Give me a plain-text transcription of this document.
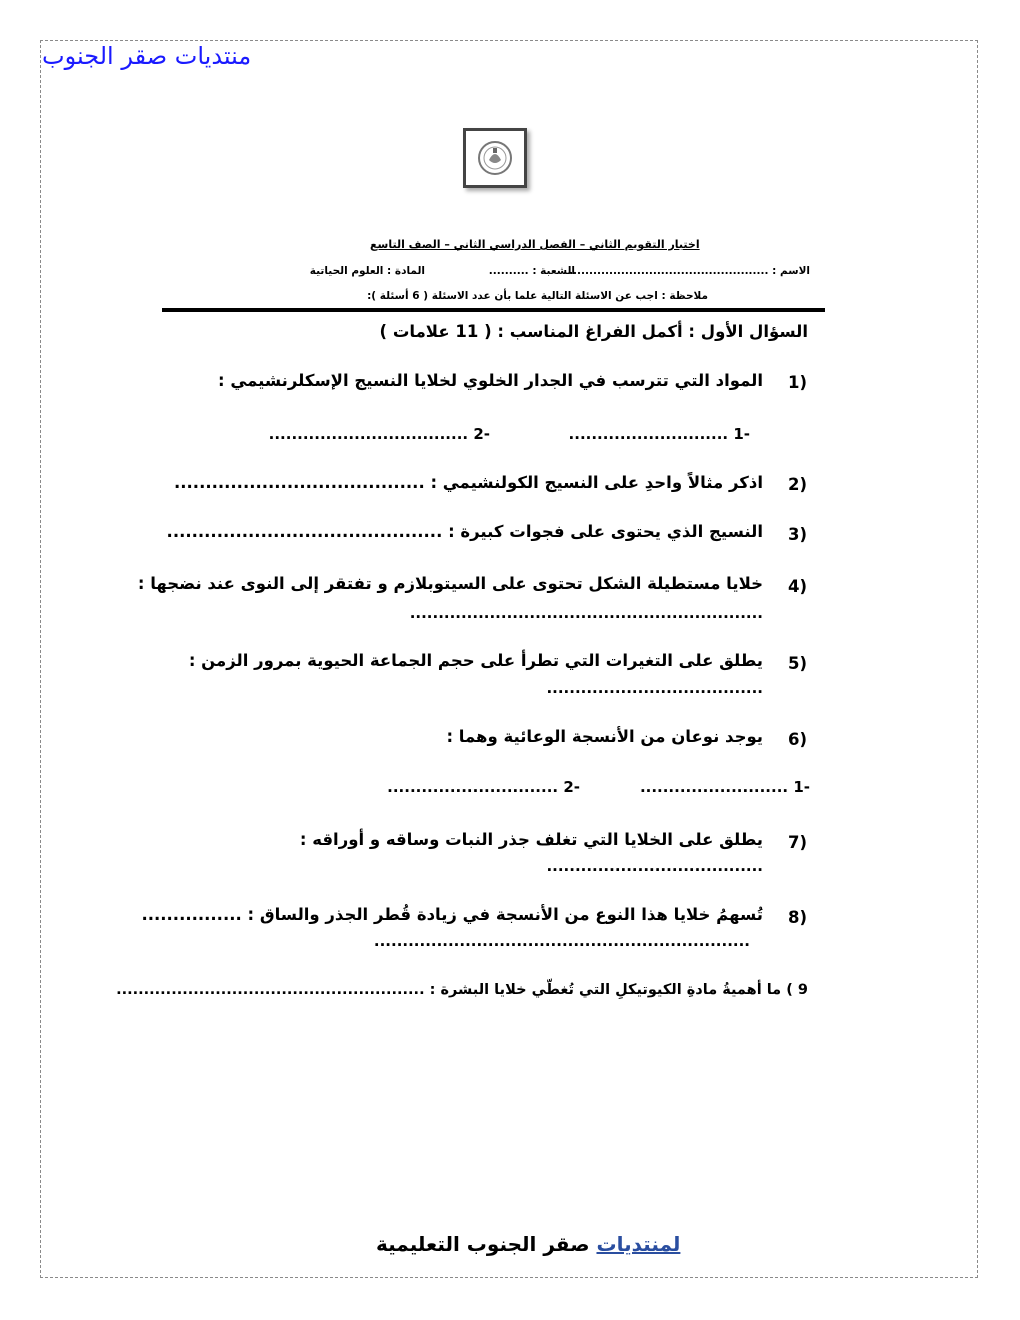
منتديات صقر الجنوب
اختبار التقويم الثاني – الفصل الدراسي الثاني – الصف التاسع
الاسم : ..................................................
الشعبة : ..........
المادة : العلوم الحياتية
ملاحظة : اجب عن الاسئلة التالية علما بأن عدد الاسئلة ( 6 أسئلة ):
السؤال الأول : أكمل الفراغ المناسب : ( 11 علامات )
1)
المواد التي تترسب في الجدار الخلوي لخلايا النسيج الإسكلرنشيمي :
-1 ............................
-2 ...................................
2)
اذكر مثالاً واحدِ على النسيج الكولنشيمي : ........................................
3)
النسيج الذي يحتوى على فجوات كبيرة : ............................................
4)
خلايا مستطيلة الشكل تحتوى على السيتوبلازم و تفتقر إلى النوى عند نضجها :
..............................................................
5)
يطلق على التغيرات التي تطرأ على حجم الجماعة الحيوية بمرور الزمن :
......................................
6)
يوجد نوعان من الأنسجة الوعائية وهما :
-1 ..........................
-2 ..............................
7)
يطلق على الخلايا التي تغلف جذر النبات وساقه و أوراقه :
......................................
8)
تُسهمُ خلايا هذا النوع من الأنسجة في زيادة قُطر الجذر والساق : ................
..................................................................
9 ) ما أهميةُ مادةِ الكيوتيكلِ التي تُغطّي خلايا البشرة : ........................................................
لمنتديات صقر الجنوب التعليمية
